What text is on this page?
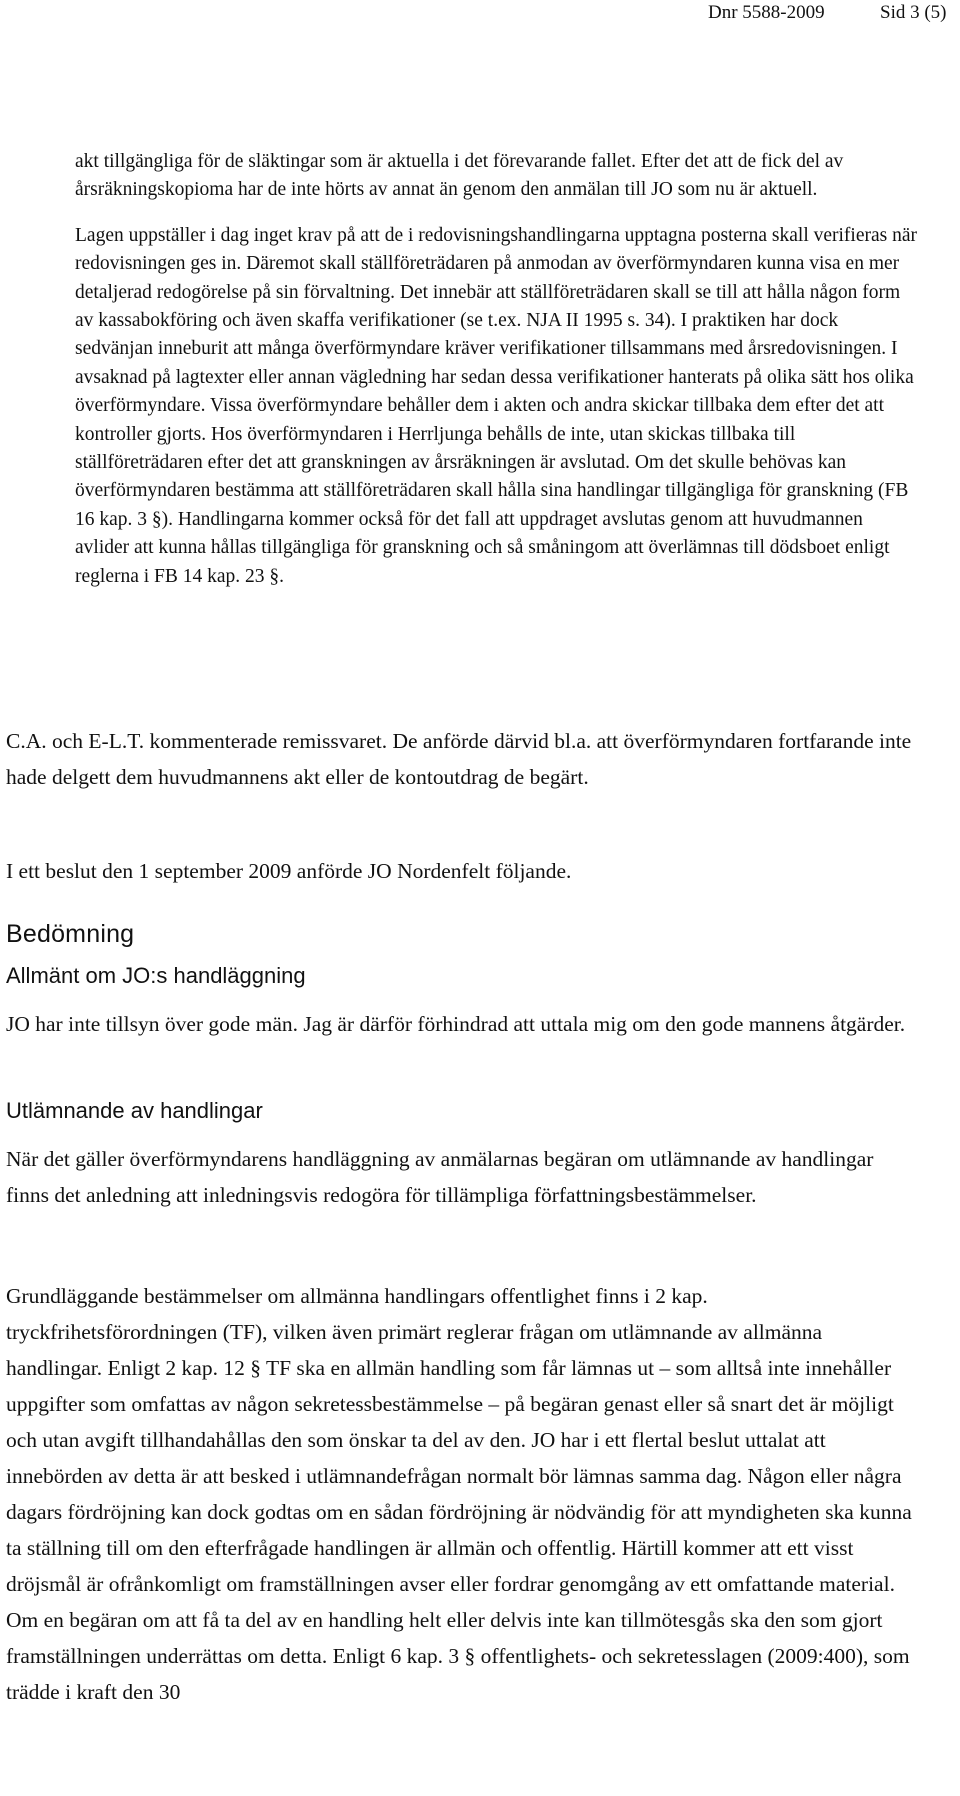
Dnr 5588-2009	Sid 3 (5)

akt tillgängliga för de släktingar som är aktuella i det förevarande fallet. Efter det att de fick del av årsräkningskopioma har de inte hörts av annat än genom den anmälan till JO som nu är aktuell.

Lagen uppställer i dag inget krav på att de i redovisningshandlingarna upptagna posterna skall verifieras när redovisningen ges in. Däremot skall ställföreträdaren på anmodan av överförmyndaren kunna visa en mer detaljerad redogörelse på sin förvaltning. Det innebär att ställföreträdaren skall se till att hålla någon form av kassabokföring och även skaffa verifikationer (se t.ex. NJA II 1995 s. 34). I praktiken har dock sedvänjan inneburit att många överförmyndare kräver verifikationer tillsammans med årsredovisningen. I avsaknad på lagtexter eller annan vägledning har sedan dessa verifikationer hanterats på olika sätt hos olika överförmyndare. Vissa överförmyndare behåller dem i akten och andra skickar tillbaka dem efter det att kontroller gjorts. Hos överförmyndaren i Herrljunga behålls de inte, utan skickas tillbaka till ställföreträdaren efter det att granskningen av årsräkningen är avslutad. Om det skulle behövas kan överförmyndaren bestämma att ställföreträdaren skall hålla sina handlingar tillgängliga för granskning (FB 16 kap. 3 §). Handlingarna kommer också för det fall att uppdraget avslutas genom att huvudmannen avlider att kunna hållas tillgängliga för granskning och så småningom att överlämnas till dödsboet enligt reglerna i FB 14 kap. 23 §.

C.A. och E-L.T. kommenterade remissvaret. De anförde därvid bl.a. att överförmyndaren fortfarande inte hade delgett dem huvudmannens akt eller de kontoutdrag de begärt.

I ett beslut den 1 september 2009 anförde JO Nordenfelt följande.

Bedömning
Allmänt om JO:s handläggning

JO har inte tillsyn över gode män. Jag är därför förhindrad att uttala mig om den gode mannens åtgärder.

Utlämnande av handlingar

När det gäller överförmyndarens handläggning av anmälarnas begäran om utlämnande av handlingar finns det anledning att inledningsvis redogöra för tillämpliga författningsbestämmelser.

Grundläggande bestämmelser om allmänna handlingars offentlighet finns i 2 kap. tryckfrihetsförordningen (TF), vilken även primärt reglerar frågan om utlämnande av allmänna handlingar. Enligt 2 kap. 12 § TF ska en allmän handling som får lämnas ut – som alltså inte innehåller uppgifter som omfattas av någon sekretessbestämmelse – på begäran genast eller så snart det är möjligt och utan avgift tillhandahållas den som önskar ta del av den. JO har i ett flertal beslut uttalat att innebörden av detta är att besked i utlämnandefrågan normalt bör lämnas samma dag. Någon eller några dagars fördröjning kan dock godtas om en sådan fördröjning är nödvändig för att myndigheten ska kunna ta ställning till om den efterfrågade handlingen är allmän och offentlig. Härtill kommer att ett visst dröjsmål är ofrånkomligt om framställningen avser eller fordrar genomgång av ett omfattande material. Om en begäran om att få ta del av en handling helt eller delvis inte kan tillmötesgås ska den som gjort framställningen underrättas om detta. Enligt 6 kap. 3 § offentlighets- och sekretesslagen (2009:400), som trädde i kraft den 30
